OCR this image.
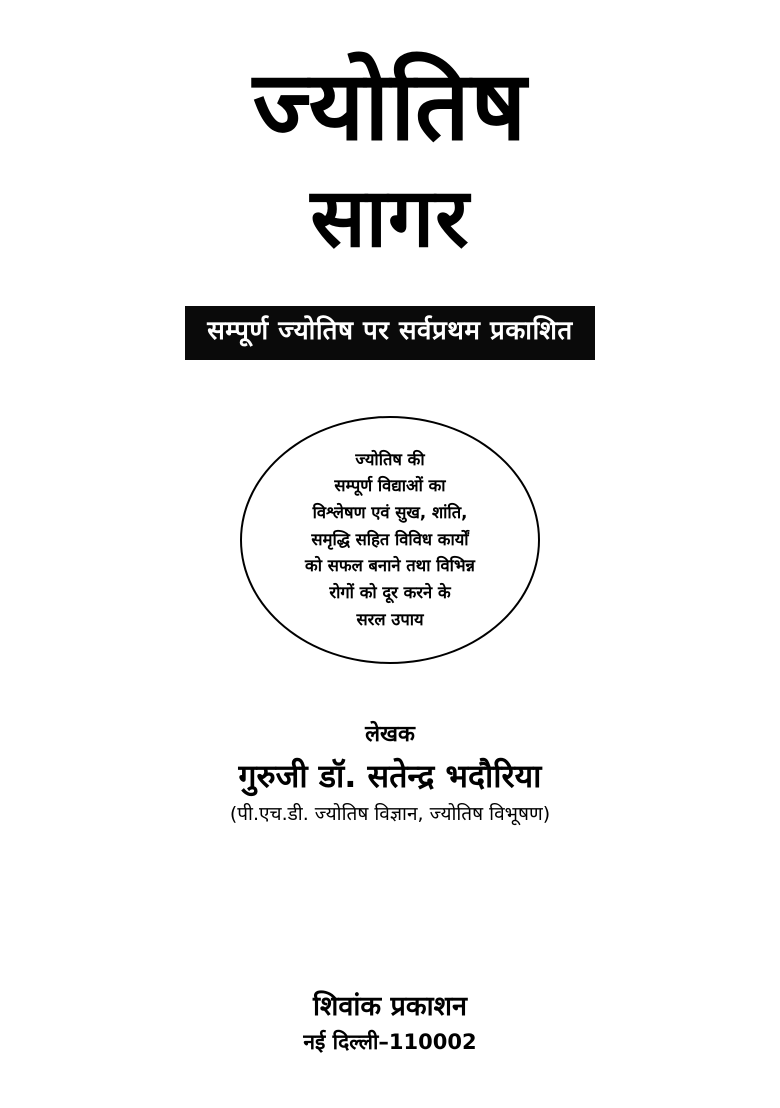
ज्योतिष
सागर
सम्पूर्ण ज्योतिष पर सर्वप्रथम प्रकाशित
ज्योतिष की
सम्पूर्ण विद्याओं का
विश्लेषण एवं सुख, शांति,
समृद्धि सहित विविध कार्यों
को सफल बनाने तथा विभिन्न
रोगों को दूर करने के
सरल उपाय
लेखक
गुरुजी डॉ. सतेन्द्र भदौरिया
(पी.एच.डी. ज्योतिष विज्ञान, ज्योतिष विभूषण)
शिवांक प्रकाशन
नई दिल्ली–110002
